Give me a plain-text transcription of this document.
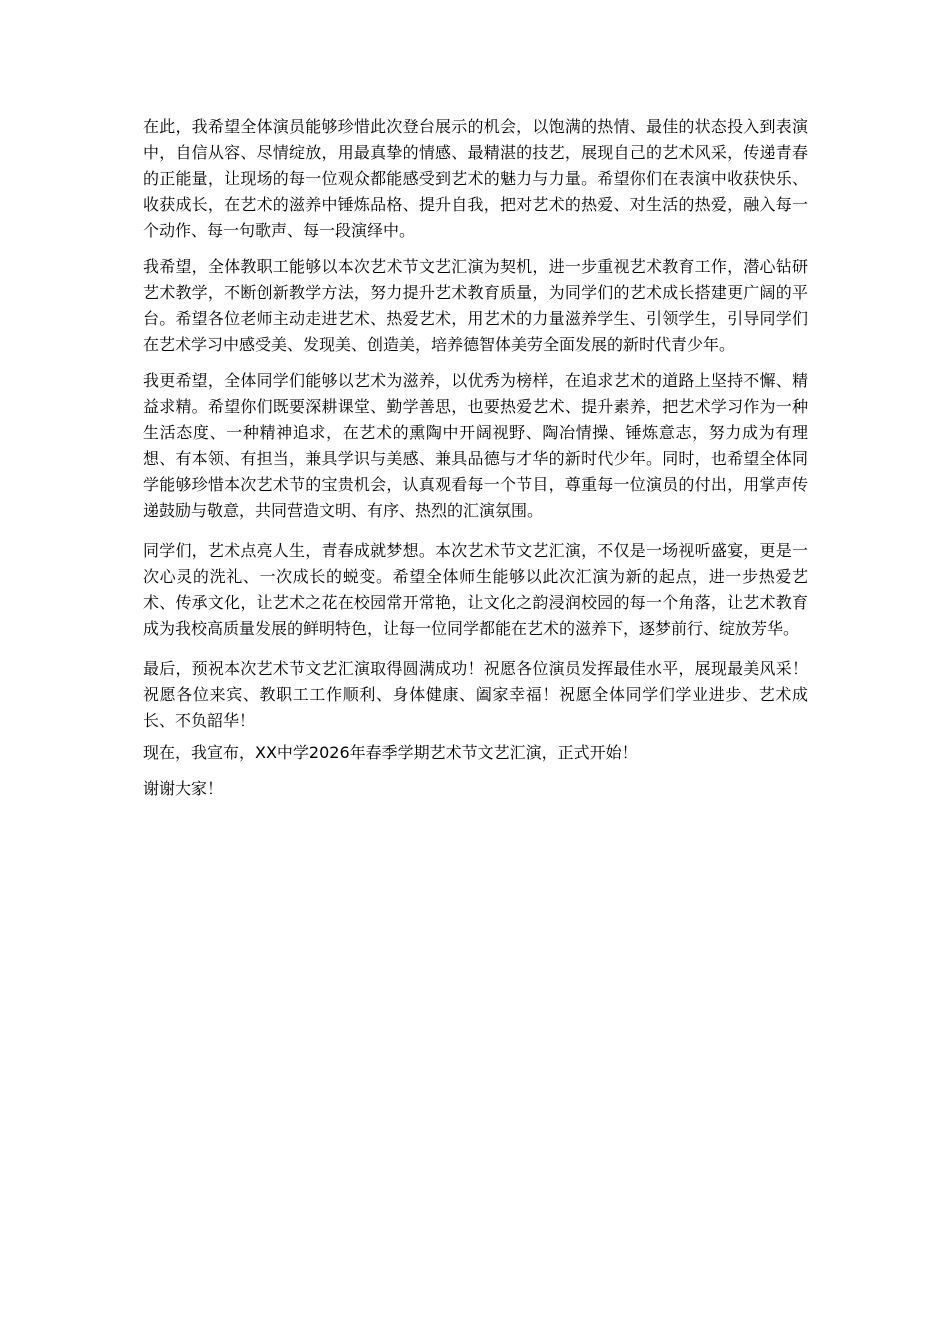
在此，我希望全体演员能够珍惜此次登台展示的机会，以饱满的热情、最佳的状态投入到表演中，自信从容、尽情绽放，用最真挚的情感、最精湛的技艺，展现自己的艺术风采，传递青春的正能量，让现场的每一位观众都能感受到艺术的魅力与力量。希望你们在表演中收获快乐、收获成长，在艺术的滋养中锤炼品格、提升自我，把对艺术的热爱、对生活的热爱，融入每一个动作、每一句歌声、每一段演绎中。

我希望，全体教职工能够以本次艺术节文艺汇演为契机，进一步重视艺术教育工作，潜心钻研艺术教学，不断创新教学方法，努力提升艺术教育质量，为同学们的艺术成长搭建更广阔的平台。希望各位老师主动走进艺术、热爱艺术，用艺术的力量滋养学生、引领学生，引导同学们在艺术学习中感受美、发现美、创造美，培养德智体美劳全面发展的新时代青少年。

我更希望，全体同学们能够以艺术为滋养，以优秀为榜样，在追求艺术的道路上坚持不懈、精益求精。希望你们既要深耕课堂、勤学善思，也要热爱艺术、提升素养，把艺术学习作为一种生活态度、一种精神追求，在艺术的熏陶中开阔视野、陶冶情操、锤炼意志，努力成为有理想、有本领、有担当，兼具学识与美感、兼具品德与才华的新时代少年。同时，也希望全体同学能够珍惜本次艺术节的宝贵机会，认真观看每一个节目，尊重每一位演员的付出，用掌声传递鼓励与敬意，共同营造文明、有序、热烈的汇演氛围。

同学们，艺术点亮人生，青春成就梦想。本次艺术节文艺汇演，不仅是一场视听盛宴，更是一次心灵的洗礼、一次成长的蜕变。希望全体师生能够以此次汇演为新的起点，进一步热爱艺术、传承文化，让艺术之花在校园常开常艳，让文化之韵浸润校园的每一个角落，让艺术教育成为我校高质量发展的鲜明特色，让每一位同学都能在艺术的滋养下，逐梦前行、绽放芳华。

最后，预祝本次艺术节文艺汇演取得圆满成功！祝愿各位演员发挥最佳水平，展现最美风采！祝愿各位来宾、教职工工作顺利、身体健康、阖家幸福！祝愿全体同学们学业进步、艺术成长、不负韶华！

现在，我宣布，XX中学2026年春季学期艺术节文艺汇演，正式开始！

谢谢大家！
